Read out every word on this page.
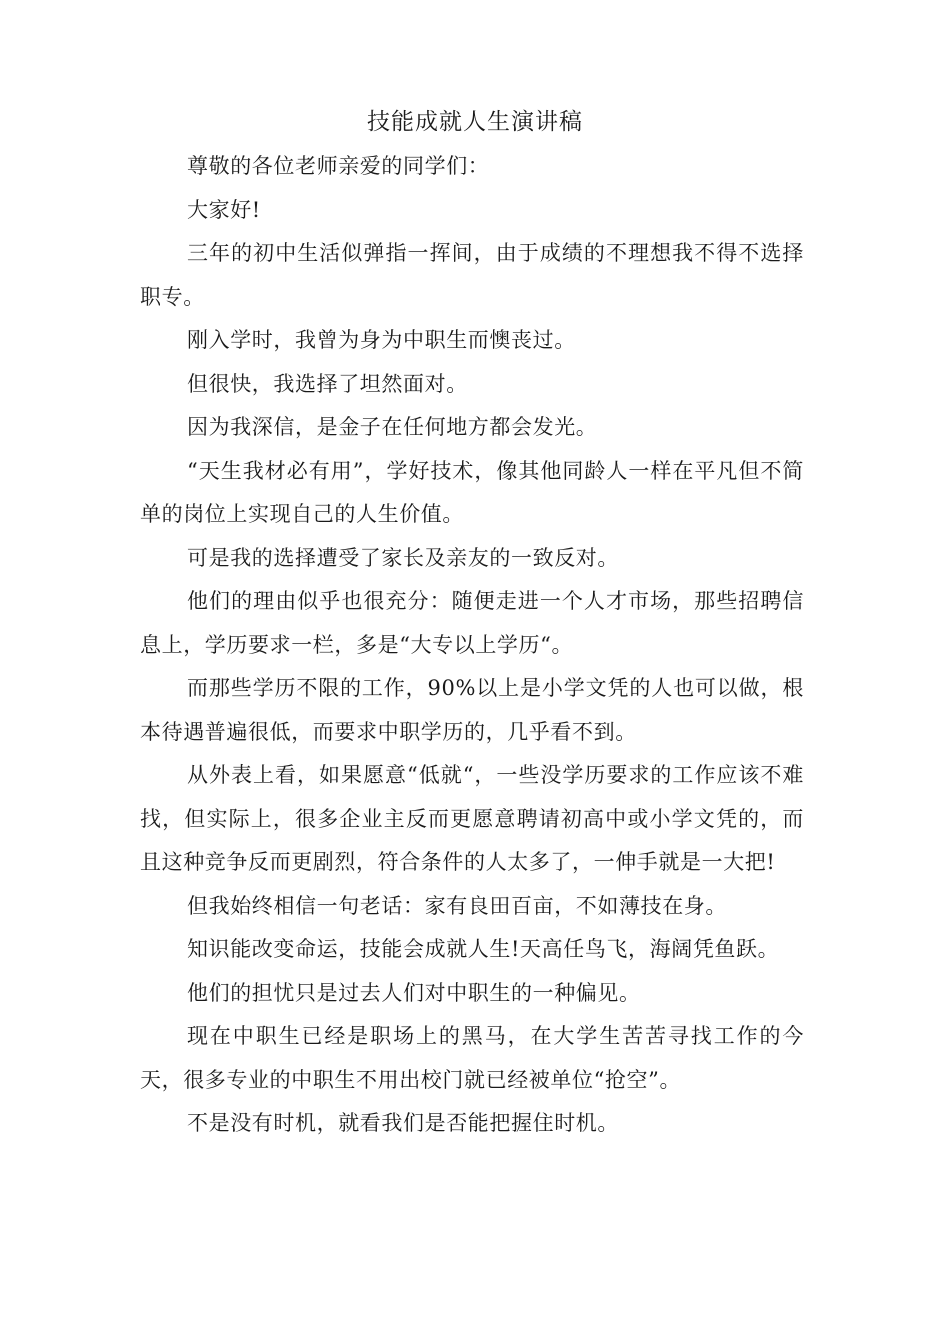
技能成就人生演讲稿

尊敬的各位老师亲爱的同学们：

大家好!

三年的初中生活似弹指一挥间，由于成绩的不理想我不得不选择职专。

刚入学时，我曾为身为中职生而懊丧过。

但很快，我选择了坦然面对。

因为我深信，是金子在任何地方都会发光。

“天生我材必有用”，学好技术，像其他同龄人一样在平凡但不简单的岗位上实现自己的人生价值。

可是我的选择遭受了家长及亲友的一致反对。

他们的理由似乎也很充分：随便走进一个人才市场，那些招聘信息上，学历要求一栏，多是“大专以上学历“。

而那些学历不限的工作，90%以上是小学文凭的人也可以做，根本待遇普遍很低，而要求中职学历的，几乎看不到。

从外表上看，如果愿意“低就“，一些没学历要求的工作应该不难找，但实际上，很多企业主反而更愿意聘请初高中或小学文凭的，而且这种竞争反而更剧烈，符合条件的人太多了，一伸手就是一大把!

但我始终相信一句老话：家有良田百亩，不如薄技在身。

知识能改变命运，技能会成就人生!天高任鸟飞，海阔凭鱼跃。

他们的担忧只是过去人们对中职生的一种偏见。

现在中职生已经是职场上的黑马，在大学生苦苦寻找工作的今天，很多专业的中职生不用出校门就已经被单位“抢空”。

不是没有时机，就看我们是否能把握住时机。
